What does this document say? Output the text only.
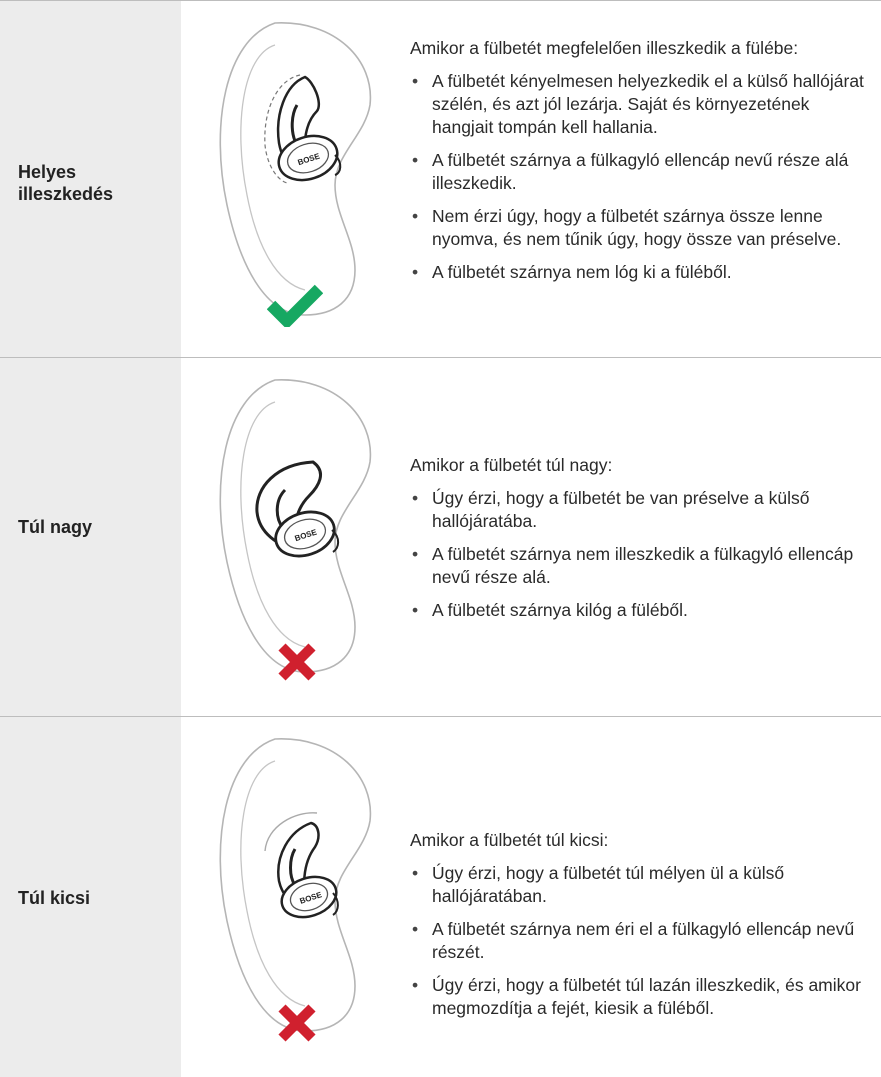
Helyes illeszkedés
BOSE

Amikor a fülbetét megfelelően illeszkedik a fülébe:

• A fülbetét kényelmesen helyezkedik el a külső hallójárat szélén, és azt jól lezárja. Saját és környezetének hangjait tompán kell hallania.
• A fülbetét szárnya a fülkagyló ellencáp nevű része alá illeszkedik.
• Nem érzi úgy, hogy a fülbetét szárnya össze lenne nyomva, és nem tűnik úgy, hogy össze van préselve.
• A fülbetét szárnya nem lóg ki a füléből.
Túl nagy	BOSE

Amikor a fülbetét túl nagy:

• Úgy érzi, hogy a fülbetét be van préselve a külső hallójáratába.
• A fülbetét szárnya nem illeszkedik a fülkagyló ellencáp nevű része alá.
• A fülbetét szárnya kilóg a füléből.
Túl kicsi	BOSE

Amikor a fülbetét túl kicsi:

• Úgy érzi, hogy a fülbetét túl mélyen ül a külső hallójáratában.
• A fülbetét szárnya nem éri el a fülkagyló ellencáp nevű részét.
• Úgy érzi, hogy a fülbetét túl lazán illeszkedik, és amikor megmozdítja a fejét, kiesik a füléből.
